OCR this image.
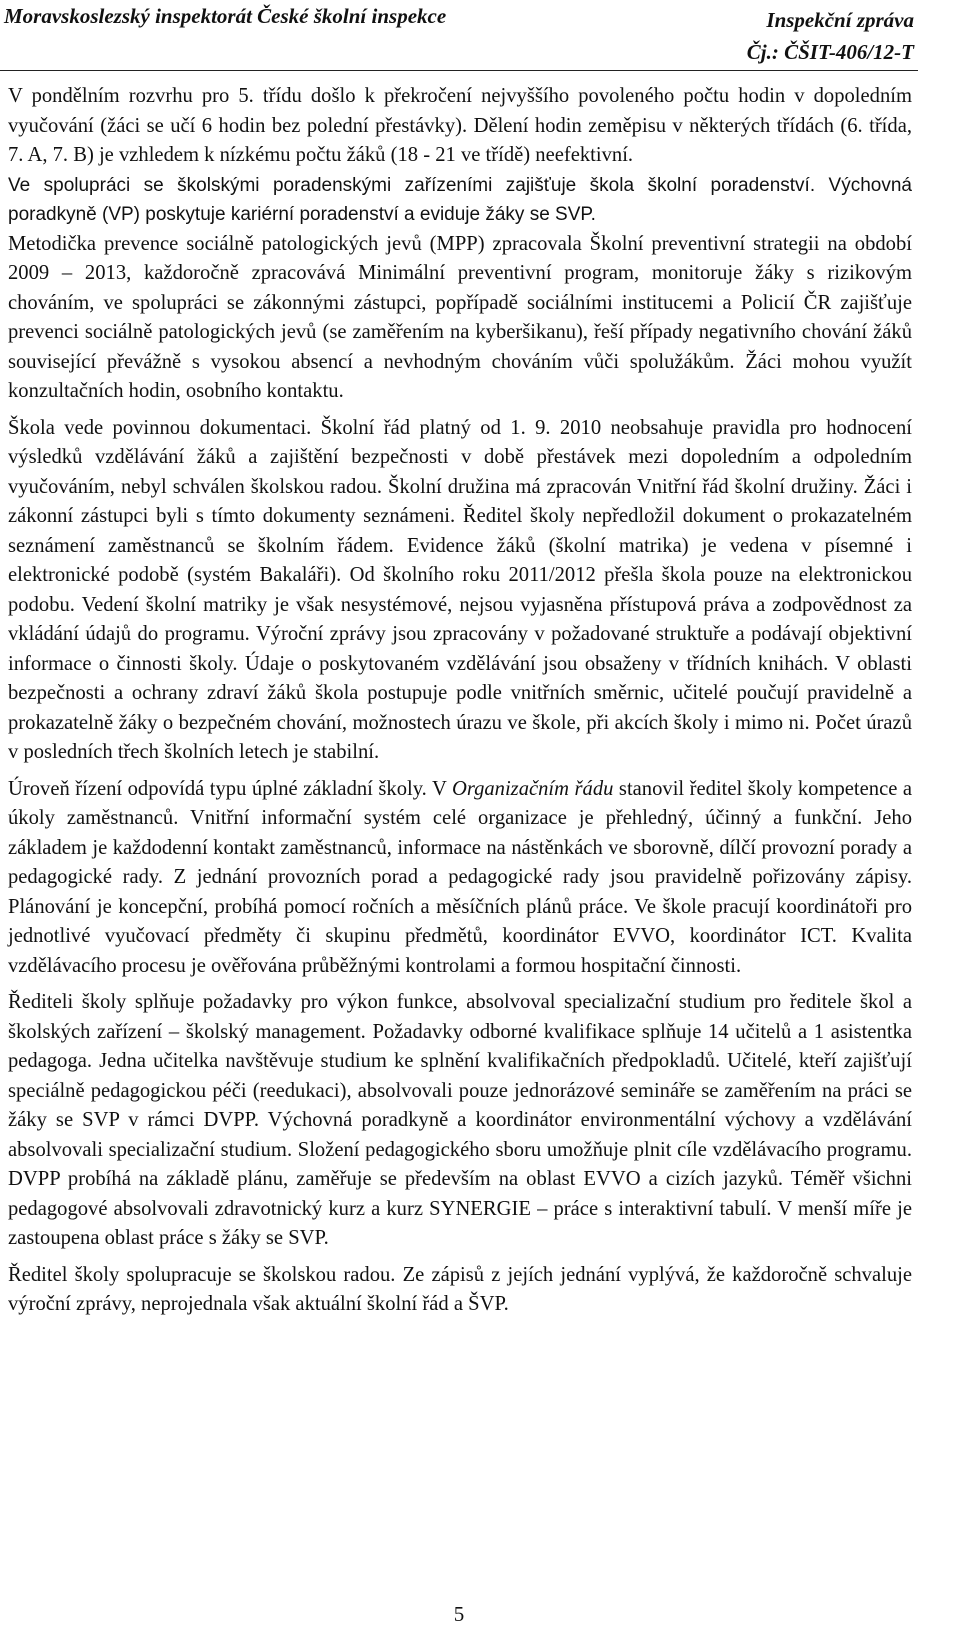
Moravskoslezský inspektorát České školní inspekce	Inspekční zpráva
Čj.: ČŠIT-406/12-T

V pondělním rozvrhu pro 5. třídu došlo k překročení nejvyššího povoleného počtu hodin v dopoledním vyučování (žáci se učí 6 hodin bez polední přestávky). Dělení hodin zeměpisu v některých třídách (6. třída, 7. A, 7. B) je vzhledem k nízkému počtu žáků (18 - 21 ve třídě) neefektivní.

Ve spolupráci se školskými poradenskými zařízeními zajišťuje škola školní poradenství. Výchovná poradkyně (VP) poskytuje kariérní poradenství a eviduje žáky se SVP.

Metodička prevence sociálně patologických jevů (MPP) zpracovala Školní preventivní strategii na období 2009 – 2013, každoročně zpracovává Minimální preventivní program, monitoruje žáky s rizikovým chováním, ve spolupráci se zákonnými zástupci, popřípadě sociálními institucemi a Policií ČR zajišťuje prevenci sociálně patologických jevů (se zaměřením na kyberšikanu), řeší případy negativního chování žáků související převážně s vysokou absencí a nevhodným chováním vůči spolužákům. Žáci mohou využít konzultačních hodin, osobního kontaktu.

Škola vede povinnou dokumentaci. Školní řád platný od 1. 9. 2010 neobsahuje pravidla pro hodnocení výsledků vzdělávání žáků a zajištění bezpečnosti v době přestávek mezi dopoledním a odpoledním vyučováním, nebyl schválen školskou radou. Školní družina má zpracován Vnitřní řád školní družiny. Žáci i zákonní zástupci byli s tímto dokumenty seznámeni. Ředitel školy nepředložil dokument o prokazatelném seznámení zaměstnanců se školním řádem. Evidence žáků (školní matrika) je vedena v písemné i elektronické podobě (systém Bakaláři). Od školního roku 2011/2012 přešla škola pouze na elektronickou podobu. Vedení školní matriky je však nesystémové, nejsou vyjasněna přístupová práva a zodpovědnost za vkládání údajů do programu. Výroční zprávy jsou zpracovány v požadované struktuře a podávají objektivní informace o činnosti školy. Údaje o poskytovaném vzdělávání jsou obsaženy v třídních knihách. V oblasti bezpečnosti a ochrany zdraví žáků škola postupuje podle vnitřních směrnic, učitelé poučují pravidelně a prokazatelně žáky o bezpečném chování, možnostech úrazu ve škole, při akcích školy i mimo ni. Počet úrazů v posledních třech školních letech je stabilní.

Úroveň řízení odpovídá typu úplné základní školy. V Organizačním řádu stanovil ředitel školy kompetence a úkoly zaměstnanců. Vnitřní informační systém celé organizace je přehledný, účinný a funkční. Jeho základem je každodenní kontakt zaměstnanců, informace na nástěnkách ve sborovně, dílčí provozní porady a pedagogické rady. Z jednání provozních porad a pedagogické rady jsou pravidelně pořizovány zápisy. Plánování je koncepční, probíhá pomocí ročních a měsíčních plánů práce. Ve škole pracují koordinátoři pro jednotlivé vyučovací předměty či skupinu předmětů, koordinátor EVVO, koordinátor ICT. Kvalita vzdělávacího procesu je ověřována průběžnými kontrolami a formou hospitační činnosti.

Řediteli školy splňuje požadavky pro výkon funkce, absolvoval specializační studium pro ředitele škol a školských zařízení – školský management. Požadavky odborné kvalifikace splňuje 14 učitelů a 1 asistentka pedagoga. Jedna učitelka navštěvuje studium ke splnění kvalifikačních předpokladů. Učitelé, kteří zajišťují speciálně pedagogickou péči (reedukaci), absolvovali pouze jednorázové semináře se zaměřením na práci se žáky se SVP v rámci DVPP. Výchovná poradkyně a koordinátor environmentální výchovy a vzdělávání absolvovali specializační studium. Složení pedagogického sboru umožňuje plnit cíle vzdělávacího programu. DVPP probíhá na základě plánu, zaměřuje se především na oblast EVVO a cizích jazyků. Téměř všichni pedagogové absolvovali zdravotnický kurz a kurz SYNERGIE – práce s interaktivní tabulí. V menší míře je zastoupena oblast práce s žáky se SVP.

Ředitel školy spolupracuje se školskou radou. Ze zápisů z jejích jednání vyplývá, že každoročně schvaluje výroční zprávy, neprojednala však aktuální školní řád a ŠVP.

5
